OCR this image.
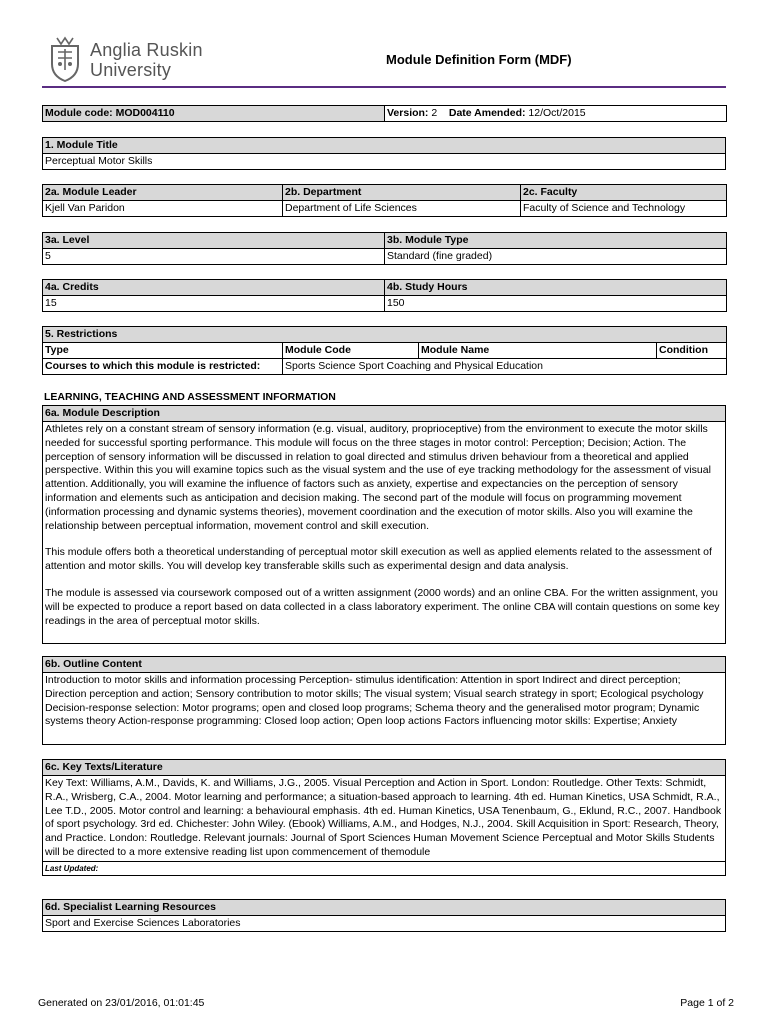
Anglia Ruskin
University
Module Definition Form (MDF)
Module code: MOD004110	Version: 2 Date Amended: 12/Oct/2015
1. Module Title
Perceptual Motor Skills
2a. Module Leader	2b. Department	2c. Faculty
Kjell Van Paridon	Department of Life Sciences	Faculty of Science and Technology
3a. Level	3b. Module Type
5	Standard (fine graded)
4a. Credits	4b. Study Hours
15	150
5. Restrictions			
Type	Module Code	Module Name	Condition
Courses to which this module is restricted:	Sports Science Sport Coaching and Physical Education		
LEARNING, TEACHING AND ASSESSMENT INFORMATION
6a. Module Description

Athletes rely on a constant stream of sensory information (e.g. visual, auditory, proprioceptive) from the environment to execute the motor skills needed for successful sporting performance. This module will focus on the three stages in motor control: Perception; Decision; Action. The perception of sensory information will be discussed in relation to goal directed and stimulus driven behaviour from a theoretical and applied perspective. Within this you will examine topics such as the visual system and the use of eye tracking methodology for the assessment of visual attention. Additionally, you will examine the influence of factors such as anxiety, expertise and expectancies on the perception of sensory information and elements such as anticipation and decision making. The second part of the module will focus on programming movement (information processing and dynamic systems theories), movement coordination and the execution of motor skills. Also you will examine the relationship between perceptual information, movement control and skill execution.
This module offers both a theoretical understanding of perceptual motor skill execution as well as applied elements related to the assessment of attention and motor skills. You will develop key transferable skills such as experimental design and data analysis.
The module is assessed via coursework composed out of a written assignment (2000 words) and an online CBA. For the written assignment, you will be expected to produce a report based on data collected in a class laboratory experiment. The online CBA will contain questions on some key readings in the area of perceptual motor skills.
6b. Outline Content
Introduction to motor skills and information processing Perception- stimulus identification: Attention in sport Indirect and direct perception; Direction perception and action; Sensory contribution to motor skills; The visual system; Visual search strategy in sport; Ecological psychology Decision-response selection: Motor programs; open and closed loop programs; Schema theory and the generalised motor program; Dynamic systems theory Action-response programming: Closed loop action; Open loop actions Factors influencing motor skills: Expertise; Anxiety
6c. Key Texts/Literature
Key Text: Williams, A.M., Davids, K. and Williams, J.G., 2005. Visual Perception and Action in Sport. London: Routledge. Other Texts: Schmidt, R.A., Wrisberg, C.A., 2004. Motor learning and performance; a situation-based approach to learning. 4th ed. Human Kinetics, USA Schmidt, R.A., Lee T.D., 2005. Motor control and learning: a behavioural emphasis. 4th ed. Human Kinetics, USA Tenenbaum, G., Eklund, R.C., 2007. Handbook of sport psychology. 3rd ed. Chichester: John Wiley. (Ebook) Williams, A.M., and Hodges, N.J., 2004. Skill Acquisition in Sport: Research, Theory, and Practice. London: Routledge. Relevant journals: Journal of Sport Sciences Human Movement Science Perceptual and Motor Skills Students will be directed to a more extensive reading list upon commencement of themodule
Last Updated:
6d. Specialist Learning Resources
Sport and Exercise Sciences Laboratories
Generated on 23/01/2016, 01:01:45	Page 1 of 2
